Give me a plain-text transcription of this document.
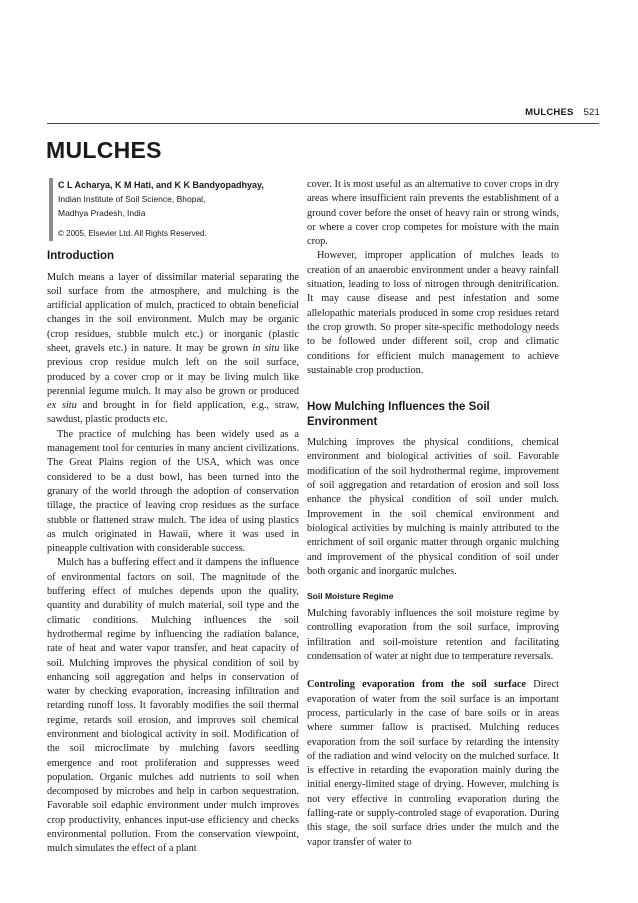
MULCHES 521
MULCHES
C L Acharya, K M Hati, and K K Bandyopadhyay,
Indian Institute of Soil Science, Bhopal,
Madhya Pradesh, India
© 2005, Elsevier Ltd. All Rights Reserved.
Introduction

Mulch means a layer of dissimilar material separating the soil surface from the atmosphere, and mulching is the artificial application of mulch, practiced to obtain beneficial changes in the soil environment. Mulch may be organic (crop residues, stubble mulch etc.) or inorganic (plastic sheet, gravels etc.) in nature. It may be grown in situ like previous crop residue mulch left on the soil surface, produced by a cover crop or it may be living mulch like perennial legume mulch. It may also be grown or produced ex situ and brought in for field application, e.g., straw, sawdust, plastic products etc.

The practice of mulching has been widely used as a management tool for centuries in many ancient civilizations. The Great Plains region of the USA, which was once considered to be a dust bowl, has been turned into the granary of the world through the adoption of conservation tillage, the practice of leaving crop residues as the surface stubble or flattened straw mulch. The idea of using plastics as mulch originated in Hawaii, where it was used in pineapple cultivation with considerable success.

Mulch has a buffering effect and it dampens the influence of environmental factors on soil. The magnitude of the buffering effect of mulches depends upon the quality, quantity and durability of mulch material, soil type and the climatic conditions. Mulching influences the soil hydrothermal regime by influencing the radiation balance, rate of heat and water vapor transfer, and heat capacity of soil. Mulching improves the physical condition of soil by enhancing soil aggregation and helps in conservation of water by checking evaporation, increasing infiltration and retarding runoff loss. It favorably modifies the soil thermal regime, retards soil erosion, and improves soil chemical environment and biological activity in soil. Modification of the soil microclimate by mulching favors seedling emergence and root proliferation and suppresses weed population. Organic mulches add nutrients to soil when decomposed by microbes and help in carbon sequestration. Favorable soil edaphic environment under mulch improves crop productivity, enhances input-use efficiency and checks environmental pollution. From the conservation viewpoint, mulch simulates the effect of a plant

cover. It is most useful as an alternative to cover crops in dry areas where insufficient rain prevents the establishment of a ground cover before the onset of heavy rain or strong winds, or where a cover crop competes for moisture with the main crop.

However, improper application of mulches leads to creation of an anaerobic environment under a heavy rainfall situation, leading to loss of nitrogen through denitrification. It may cause disease and pest infestation and some allelopathic materials produced in some crop residues retard the crop growth. So proper site-specific methodology needs to be followed under different soil, crop and climatic conditions for efficient mulch management to achieve sustainable crop production.

How Mulching Influences the Soil Environment

Mulching improves the physical conditions, chemical environment and biological activities of soil. Favorable modification of the soil hydrothermal regime, improvement of soil aggregation and retardation of erosion and soil loss enhance the physical condition of soil under mulch. Improvement in the soil chemical environment and biological activities by mulching is mainly attributed to the enrichment of soil organic matter through organic mulching and improvement of the physical condition of soil under both organic and inorganic mulches.

Soil Moisture Regime

Mulching favorably influences the soil moisture regime by controlling evaporation from the soil surface, improving infiltration and soil-moisture retention and facilitating condensation of water at night due to temperature reversals.

Controling evaporation from the soil surface Direct evaporation of water from the soil surface is an important process, particularly in the case of bare soils or in areas where summer fallow is practised. Mulching reduces evaporation from the soil surface by retarding the intensity of the radiation and wind velocity on the mulched surface. It is effective in retarding the evaporation mainly during the initial energy-limited stage of drying. However, mulching is not very effective in controling evaporation during the falling-rate or supply-controled stage of evaporation. During this stage, the soil surface dries under the mulch and the vapor transfer of water to
